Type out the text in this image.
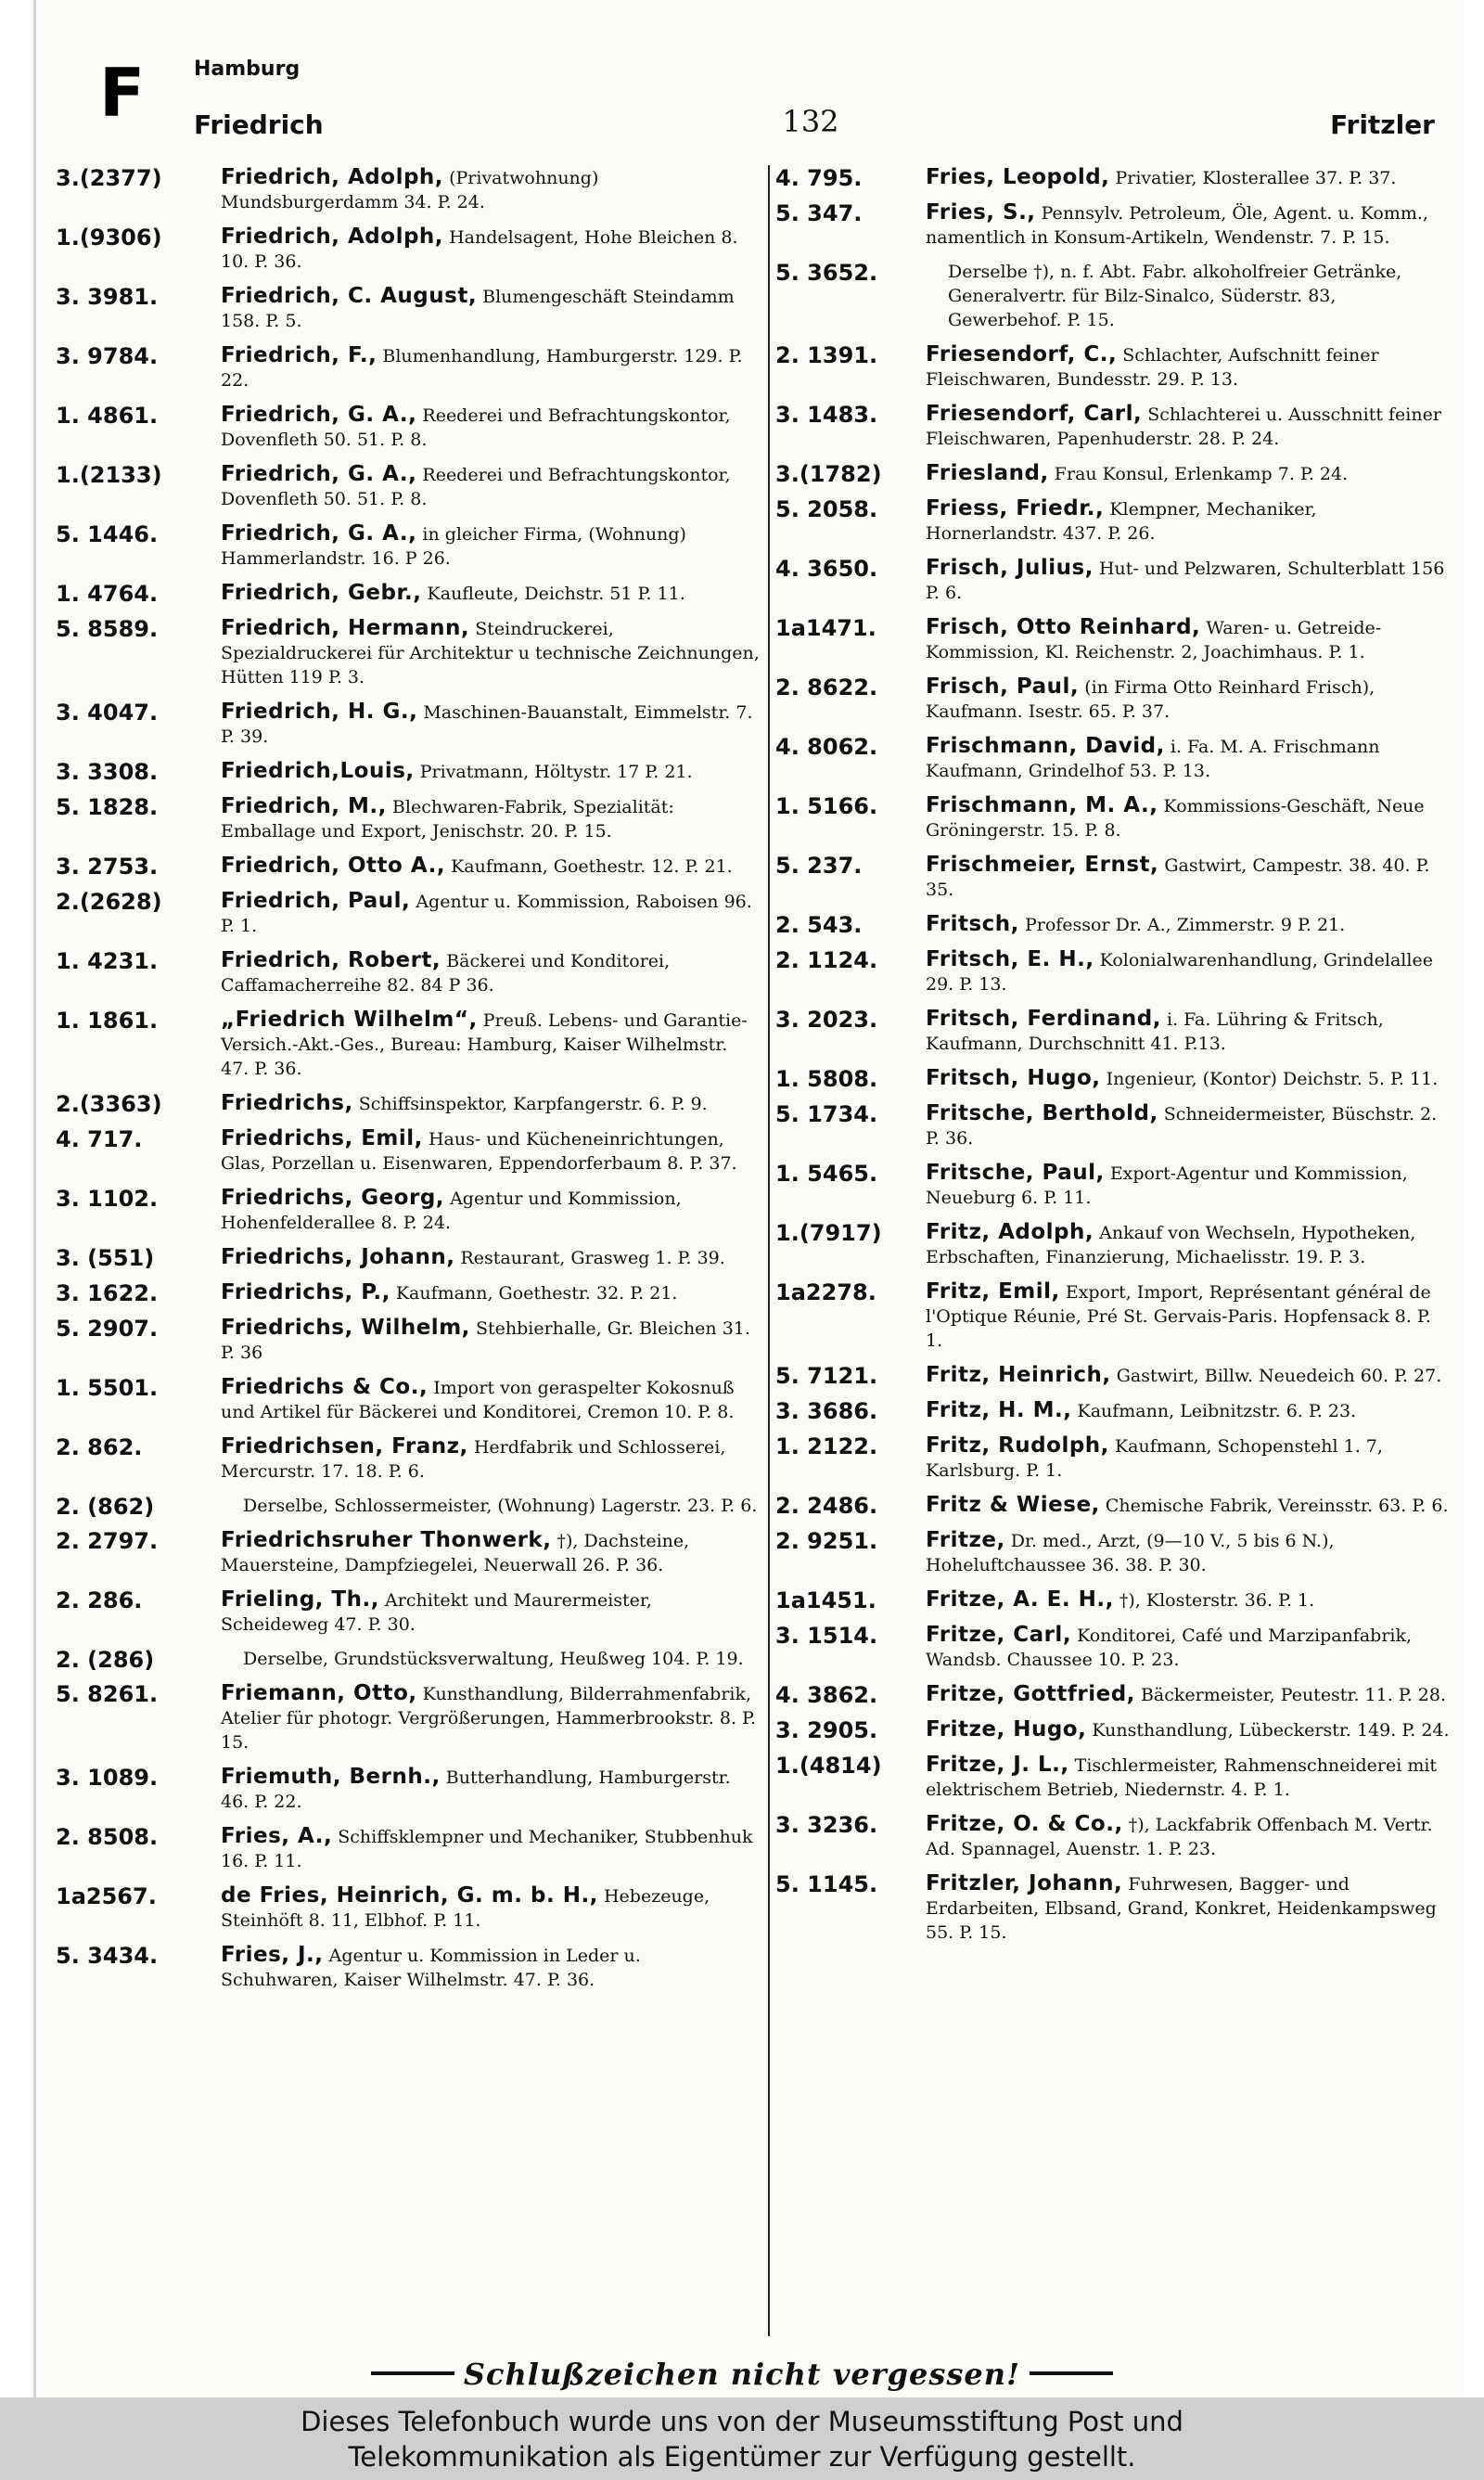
F Hamburg
Friedrich	132	Fritzler
3.(2377)	Friedrich, Adolph, (Privatwohnung) Mundsburgerdamm 34. P. 24.
1.(9306)	Friedrich, Adolph, Handelsagent, Hohe Bleichen 8. 10. P. 36.
3. 3981.	Friedrich, C. August, Blumengeschäft Steindamm 158. P. 5.
3. 9784.	Friedrich, F., Blumenhandlung, Hamburgerstr. 129. P. 22.
1. 4861.	Friedrich, G. A., Reederei und Befrachtungskontor, Dovenfleth 50. 51. P. 8.
1.(2133)	Friedrich, G. A., Reederei und Befrachtungskontor, Dovenfleth 50. 51. P. 8.
5. 1446.	Friedrich, G. A., in gleicher Firma, (Wohnung) Hammerlandstr. 16. P 26.
1. 4764.	Friedrich, Gebr., Kaufleute, Deichstr. 51 P. 11.
5. 8589.	Friedrich, Hermann, Steindruckerei, Spezialdruckerei für Architektur u technische Zeichnungen, Hütten 119 P. 3.
3. 4047.	Friedrich, H. G., Maschinen-Bauanstalt, Eimmelstr. 7. P. 39.
3. 3308.	Friedrich,Louis, Privatmann, Höltystr. 17 P. 21.
5. 1828.	Friedrich, M., Blechwaren-Fabrik, Spezialität: Emballage und Export, Jenischstr. 20. P. 15.
3. 2753.	Friedrich, Otto A., Kaufmann, Goethestr. 12. P. 21.
2.(2628)	Friedrich, Paul, Agentur u. Kommission, Raboisen 96. P. 1.
1. 4231.	Friedrich, Robert, Bäckerei und Konditorei, Caffamacherreihe 82. 84 P 36.
1. 1861.	„Friedrich Wilhelm“, Preuß. Lebens- und Garantie-Versich.-Akt.-Ges., Bureau: Hamburg, Kaiser Wilhelmstr. 47. P. 36.
2.(3363)	Friedrichs, Schiffsinspektor, Karpfangerstr. 6. P. 9.
4. 717.	Friedrichs, Emil, Haus- und Kücheneinrichtungen, Glas, Porzellan u. Eisenwaren, Eppendorferbaum 8. P. 37.
3. 1102.	Friedrichs, Georg, Agentur und Kommission, Hohenfelderallee 8. P. 24.
3. (551)	Friedrichs, Johann, Restaurant, Grasweg 1. P. 39.
3. 1622.	Friedrichs, P., Kaufmann, Goethestr. 32. P. 21.
5. 2907.	Friedrichs, Wilhelm, Stehbierhalle, Gr. Bleichen 31. P. 36
1. 5501.	Friedrichs & Co., Import von geraspelter Kokosnuß und Artikel für Bäckerei und Konditorei, Cremon 10. P. 8.
2. 862.	Friedrichsen, Franz, Herdfabrik und Schlosserei, Mercurstr. 17. 18. P. 6.
2. (862)	Derselbe, Schlossermeister, (Wohnung) Lagerstr. 23. P. 6.
2. 2797.	Friedrichsruher Thonwerk, †), Dachsteine, Mauersteine, Dampfziegelei, Neuerwall 26. P. 36.
2. 286.	Frieling, Th., Architekt und Maurermeister, Scheideweg 47. P. 30.
2. (286)	Derselbe, Grundstücksverwaltung, Heußweg 104. P. 19.
5. 8261.	Friemann, Otto, Kunsthandlung, Bilderrahmenfabrik, Atelier für photogr. Vergrößerungen, Hammerbrookstr. 8. P. 15.
3. 1089.	Friemuth, Bernh., Butterhandlung, Hamburgerstr. 46. P. 22.
2. 8508.	Fries, A., Schiffsklempner und Mechaniker, Stubbenhuk 16. P. 11.
1a2567.	de Fries, Heinrich, G. m. b. H., Hebezeuge, Steinhöft 8. 11, Elbhof. P. 11.
5. 3434.	Fries, J., Agentur u. Kommission in Leder u. Schuhwaren, Kaiser Wilhelmstr. 47. P. 36.
4. 795.	Fries, Leopold, Privatier, Klosterallee 37. P. 37.
5. 347.	Fries, S., Pennsylv. Petroleum, Öle, Agent. u. Komm., namentlich in Konsum-Artikeln, Wendenstr. 7. P. 15.
5. 3652.	Derselbe †), n. f. Abt. Fabr. alkoholfreier Getränke, Generalvertr. für Bilz-Sinalco, Süderstr. 83, Gewerbehof. P. 15.
2. 1391.	Friesendorf, C., Schlachter, Aufschnitt feiner Fleischwaren, Bundesstr. 29. P. 13.
3. 1483.	Friesendorf, Carl, Schlachterei u. Ausschnitt feiner Fleischwaren, Papenhuderstr. 28. P. 24.
3.(1782)	Friesland, Frau Konsul, Erlenkamp 7. P. 24.
5. 2058.	Friess, Friedr., Klempner, Mechaniker, Hornerlandstr. 437. P. 26.
4. 3650.	Frisch, Julius, Hut- und Pelzwaren, Schulterblatt 156 P. 6.
1a1471.	Frisch, Otto Reinhard, Waren- u. Getreide-Kommission, Kl. Reichenstr. 2, Joachimhaus. P. 1.
2. 8622.	Frisch, Paul, (in Firma Otto Reinhard Frisch), Kaufmann. Isestr. 65. P. 37.
4. 8062.	Frischmann, David, i. Fa. M. A. Frischmann Kaufmann, Grindelhof 53. P. 13.
1. 5166.	Frischmann, M. A., Kommissions-Geschäft, Neue Gröningerstr. 15. P. 8.
5. 237.	Frischmeier, Ernst, Gastwirt, Campestr. 38. 40. P. 35.
2. 543.	Fritsch, Professor Dr. A., Zimmerstr. 9 P. 21.
2. 1124.	Fritsch, E. H., Kolonialwarenhandlung, Grindelallee 29. P. 13.
3. 2023.	Fritsch, Ferdinand, i. Fa. Lühring & Fritsch, Kaufmann, Durchschnitt 41. P.13.
1. 5808.	Fritsch, Hugo, Ingenieur, (Kontor) Deichstr. 5. P. 11.
5. 1734.	Fritsche, Berthold, Schneidermeister, Büschstr. 2. P. 36.
1. 5465.	Fritsche, Paul, Export-Agentur und Kommission, Neueburg 6. P. 11.
1.(7917)	Fritz, Adolph, Ankauf von Wechseln, Hypotheken, Erbschaften, Finanzierung, Michaelisstr. 19. P. 3.
1a2278.	Fritz, Emil, Export, Import, Représentant général de l'Optique Réunie, Pré St. Gervais-Paris. Hopfensack 8. P. 1.
5. 7121.	Fritz, Heinrich, Gastwirt, Billw. Neuedeich 60. P. 27.
3. 3686.	Fritz, H. M., Kaufmann, Leibnitzstr. 6. P. 23.
1. 2122.	Fritz, Rudolph, Kaufmann, Schopenstehl 1. 7, Karlsburg. P. 1.
2. 2486.	Fritz & Wiese, Chemische Fabrik, Vereinsstr. 63. P. 6.
2. 9251.	Fritze, Dr. med., Arzt, (9—10 V., 5 bis 6 N.), Hoheluftchaussee 36. 38. P. 30.
1a1451.	Fritze, A. E. H., †), Klosterstr. 36. P. 1.
3. 1514.	Fritze, Carl, Konditorei, Café und Marzipanfabrik, Wandsb. Chaussee 10. P. 23.
4. 3862.	Fritze, Gottfried, Bäckermeister, Peutestr. 11. P. 28.
3. 2905.	Fritze, Hugo, Kunsthandlung, Lübeckerstr. 149. P. 24.
1.(4814)	Fritze, J. L., Tischlermeister, Rahmenschneiderei mit elektrischem Betrieb, Niedernstr. 4. P. 1.
3. 3236.	Fritze, O. & Co., †), Lackfabrik Offenbach M. Vertr. Ad. Spannagel, Auenstr. 1. P. 23.
5. 1145.	Fritzler, Johann, Fuhrwesen, Bagger- und Erdarbeiten, Elbsand, Grand, Konkret, Heidenkampsweg 55. P. 15.
Schlußzeichen nicht vergessen!
Dieses Telefonbuch wurde uns von der Museumsstiftung Post und
Telekommunikation als Eigentümer zur Verfügung gestellt.
